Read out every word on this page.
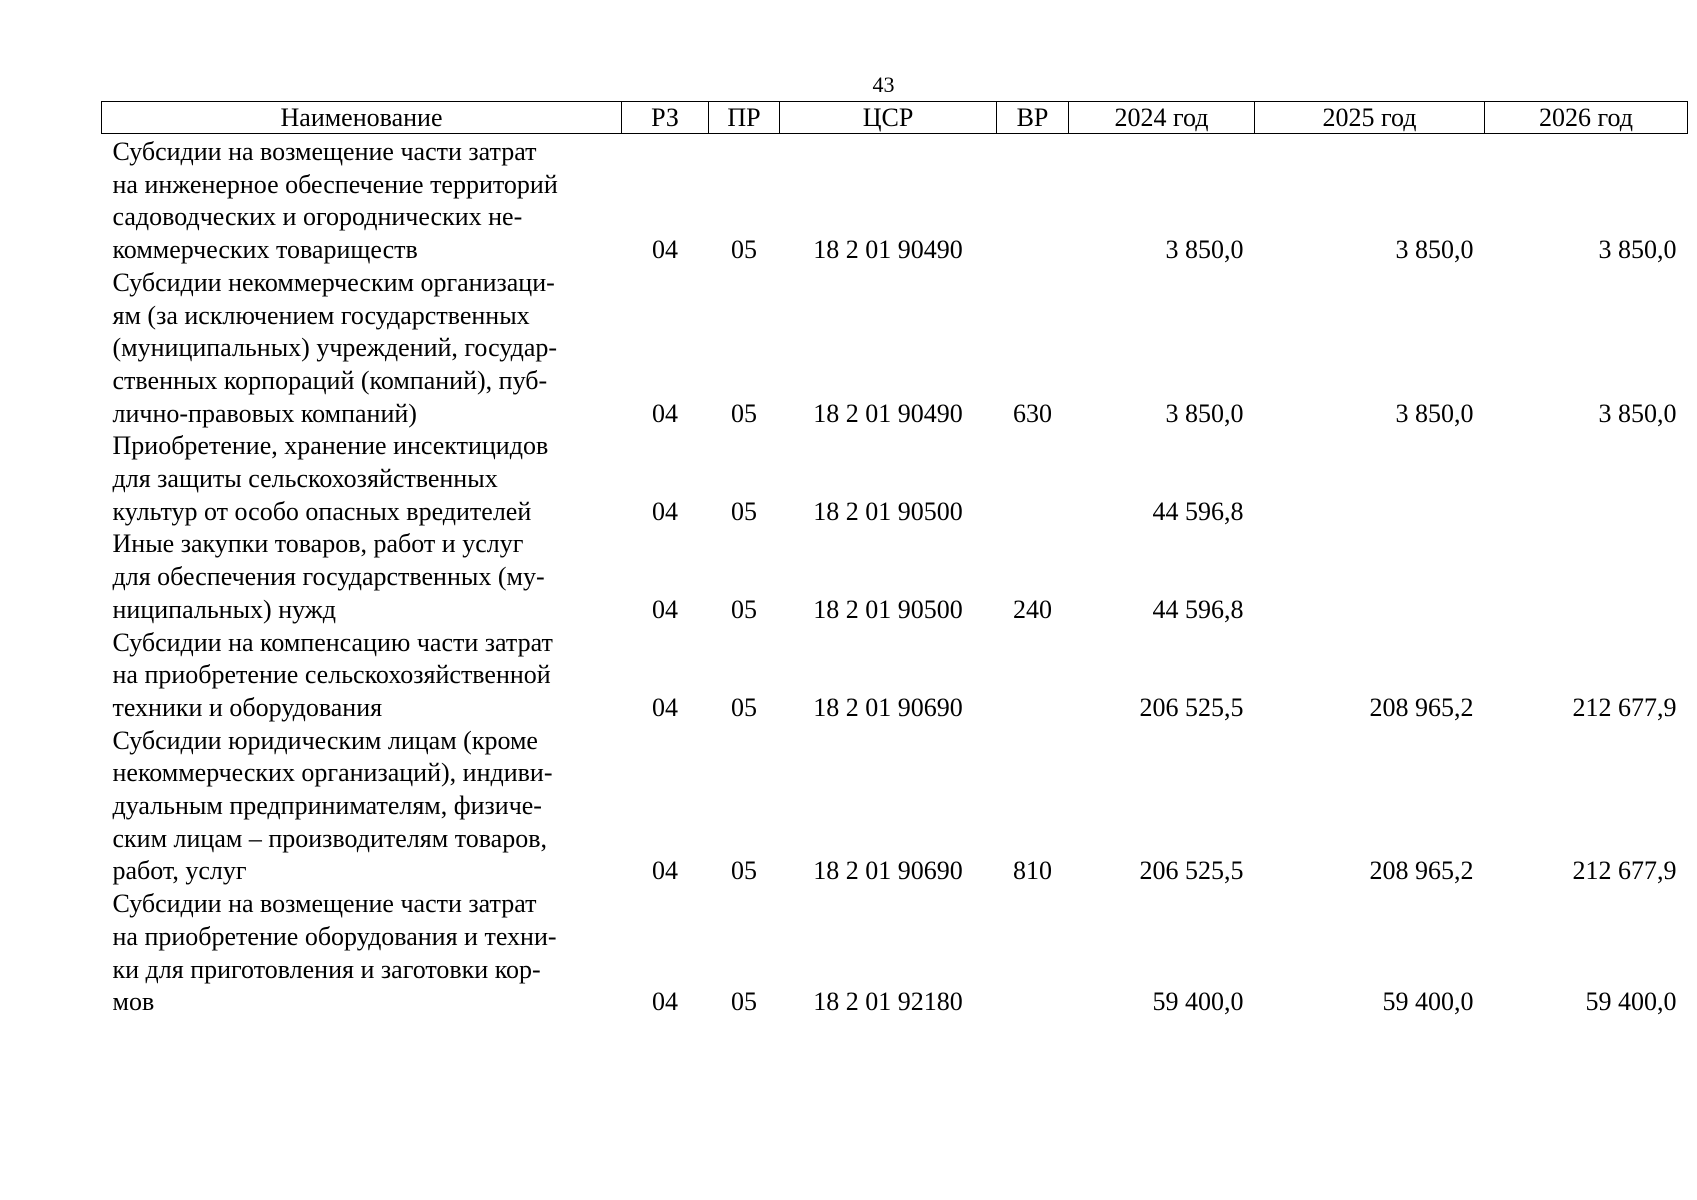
43
Наименование	РЗ	ПР	ЦСР	ВР	2024 год	2025 год	2026 год

Субсидии на возмещение части затрат
на инженерное обеспечение территорий
садоводческих и огороднических не-
коммерческих товариществ	04	05	18 2 01 90490		3 850,0	3 850,0	3 850,0

Субсидии некоммерческим организаци-
ям (за исключением государственных
(муниципальных) учреждений, государ-
ственных корпораций (компаний), пуб-
лично-правовых компаний)	04	05	18 2 01 90490	630	3 850,0	3 850,0	3 850,0

Приобретение, хранение инсектицидов
для защиты сельскохозяйственных
культур от особо опасных вредителей	04	05	18 2 01 90500		44 596,8		

Иные закупки товаров, работ и услуг
для обеспечения государственных (му-
ниципальных) нужд	04	05	18 2 01 90500	240	44 596,8		

Субсидии на компенсацию части затрат
на приобретение сельскохозяйственной
техники и оборудования	04	05	18 2 01 90690		206 525,5	208 965,2	212 677,9

Субсидии юридическим лицам (кроме
некоммерческих организаций), индиви-
дуальным предпринимателям, физиче-
ским лицам – производителям товаров,
работ, услуг	04	05	18 2 01 90690	810	206 525,5	208 965,2	212 677,9

Субсидии на возмещение части затрат
на приобретение оборудования и техни-
ки для приготовления и заготовки кор-
мов	04	05	18 2 01 92180		59 400,0	59 400,0	59 400,0
